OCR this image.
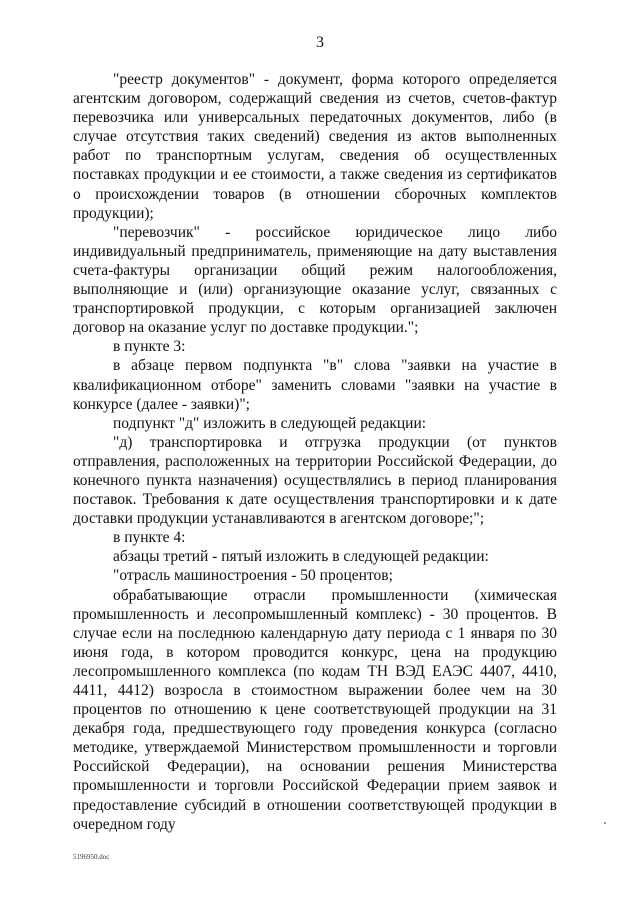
3

"реестр документов" - документ, форма которого определяется агентским договором, содержащий сведения из счетов, счетов-фактур перевозчика или универсальных передаточных документов, либо (в случае отсутствия таких сведений) сведения из актов выполненных работ по транспортным услугам, сведения об осуществленных поставках продукции и ее стоимости, а также сведения из сертификатов о происхождении товаров (в отношении сборочных комплектов продукции);

"перевозчик" - российское юридическое лицо либо индивидуальный предприниматель, применяющие на дату выставления счета-фактуры организации общий режим налогообложения, выполняющие и (или) организующие оказание услуг, связанных с транспортировкой продукции, с которым организацией заключен договор на оказание услуг по доставке продукции.";

в пункте 3:

в абзаце первом подпункта "в" слова "заявки на участие в квалификационном отборе" заменить словами "заявки на участие в конкурсе (далее - заявки)";

подпункт "д" изложить в следующей редакции:

"д) транспортировка и отгрузка продукции (от пунктов отправления, расположенных на территории Российской Федерации, до конечного пункта назначения) осуществлялись в период планирования поставок. Требования к дате осуществления транспортировки и к дате доставки продукции устанавливаются в агентском договоре;";

в пункте 4:

абзацы третий - пятый изложить в следующей редакции:

"отрасль машиностроения - 50 процентов;

обрабатывающие отрасли промышленности (химическая промышленность и лесопромышленный комплекс) - 30 процентов. В случае если на последнюю календарную дату периода с 1 января по 30 июня года, в котором проводится конкурс, цена на продукцию лесопромышленного комплекса (по кодам ТН ВЭД ЕАЭС 4407, 4410, 4411, 4412) возросла в стоимостном выражении более чем на 30 процентов по отношению к цене соответствующей продукции на 31 декабря года, предшествующего году проведения конкурса (согласно методике, утверждаемой Министерством промышленности и торговли Российской Федерации), на основании решения Министерства промышленности и торговли Российской Федерации прием заявок и предоставление субсидий в отношении соответствующей продукции в очередном году

5196950.doc
